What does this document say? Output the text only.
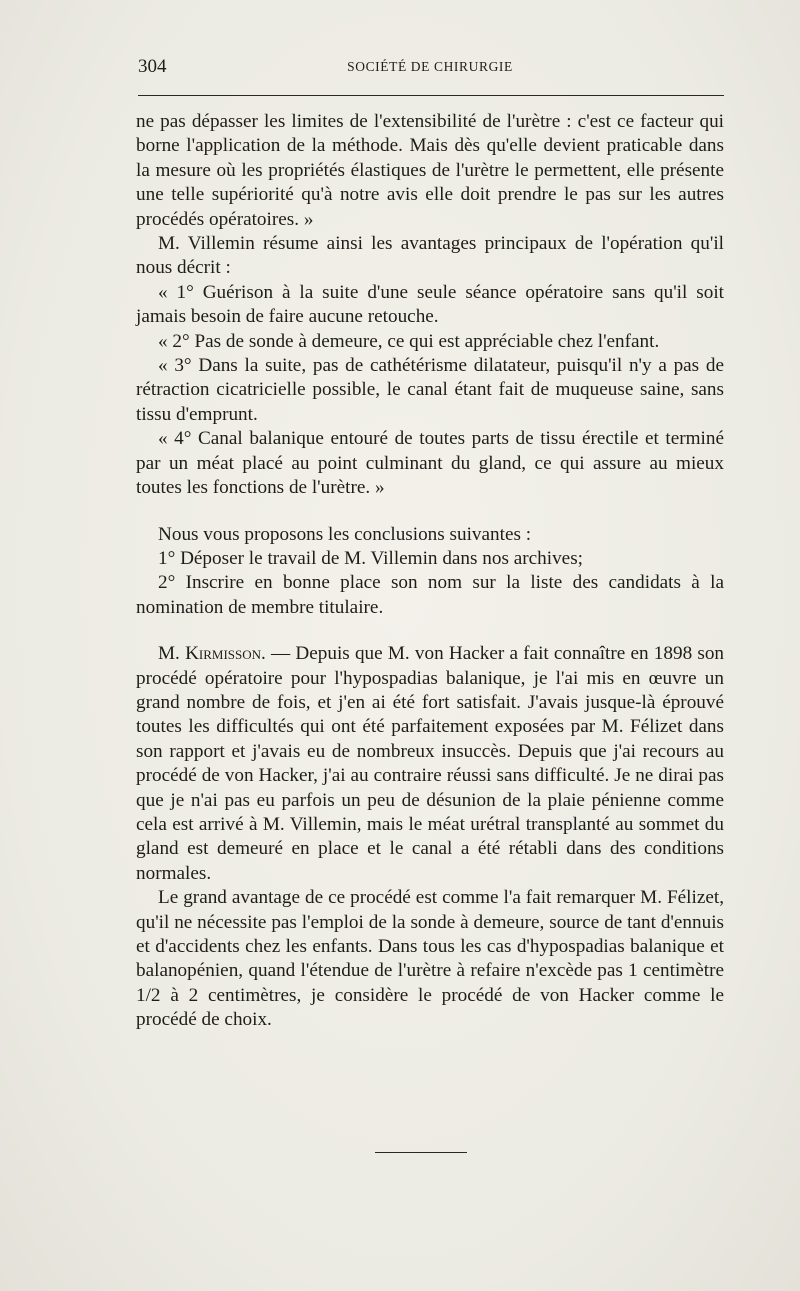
304	SOCIÉTÉ DE CHIRURGIE

ne pas dépasser les limites de l'extensibilité de l'urètre : c'est ce facteur qui borne l'application de la méthode. Mais dès qu'elle devient praticable dans la mesure où les propriétés élastiques de l'urètre le permettent, elle présente une telle supériorité qu'à notre avis elle doit prendre le pas sur les autres procédés opératoires. »

M. Villemin résume ainsi les avantages principaux de l'opération qu'il nous décrit :

« 1° Guérison à la suite d'une seule séance opératoire sans qu'il soit jamais besoin de faire aucune retouche.

« 2° Pas de sonde à demeure, ce qui est appréciable chez l'enfant.

« 3° Dans la suite, pas de cathétérisme dilatateur, puisqu'il n'y a pas de rétraction cicatricielle possible, le canal étant fait de muqueuse saine, sans tissu d'emprunt.

« 4° Canal balanique entouré de toutes parts de tissu érectile et terminé par un méat placé au point culminant du gland, ce qui assure au mieux toutes les fonctions de l'urètre. »

Nous vous proposons les conclusions suivantes :

1° Déposer le travail de M. Villemin dans nos archives;

2° Inscrire en bonne place son nom sur la liste des candidats à la nomination de membre titulaire.

M. Kirmisson. — Depuis que M. von Hacker a fait connaître en 1898 son procédé opératoire pour l'hypospadias balanique, je l'ai mis en œuvre un grand nombre de fois, et j'en ai été fort satisfait. J'avais jusque-là éprouvé toutes les difficultés qui ont été parfaitement exposées par M. Félizet dans son rapport et j'avais eu de nombreux insuccès. Depuis que j'ai recours au procédé de von Hacker, j'ai au contraire réussi sans difficulté. Je ne dirai pas que je n'ai pas eu parfois un peu de désunion de la plaie pénienne comme cela est arrivé à M. Villemin, mais le méat urétral transplanté au sommet du gland est demeuré en place et le canal a été rétabli dans des conditions normales.

Le grand avantage de ce procédé est comme l'a fait remarquer M. Félizet, qu'il ne nécessite pas l'emploi de la sonde à demeure, source de tant d'ennuis et d'accidents chez les enfants. Dans tous les cas d'hypospadias balanique et balanopénien, quand l'étendue de l'urètre à refaire n'excède pas 1 centimètre 1/2 à 2 centimètres, je considère le procédé de von Hacker comme le procédé de choix.
